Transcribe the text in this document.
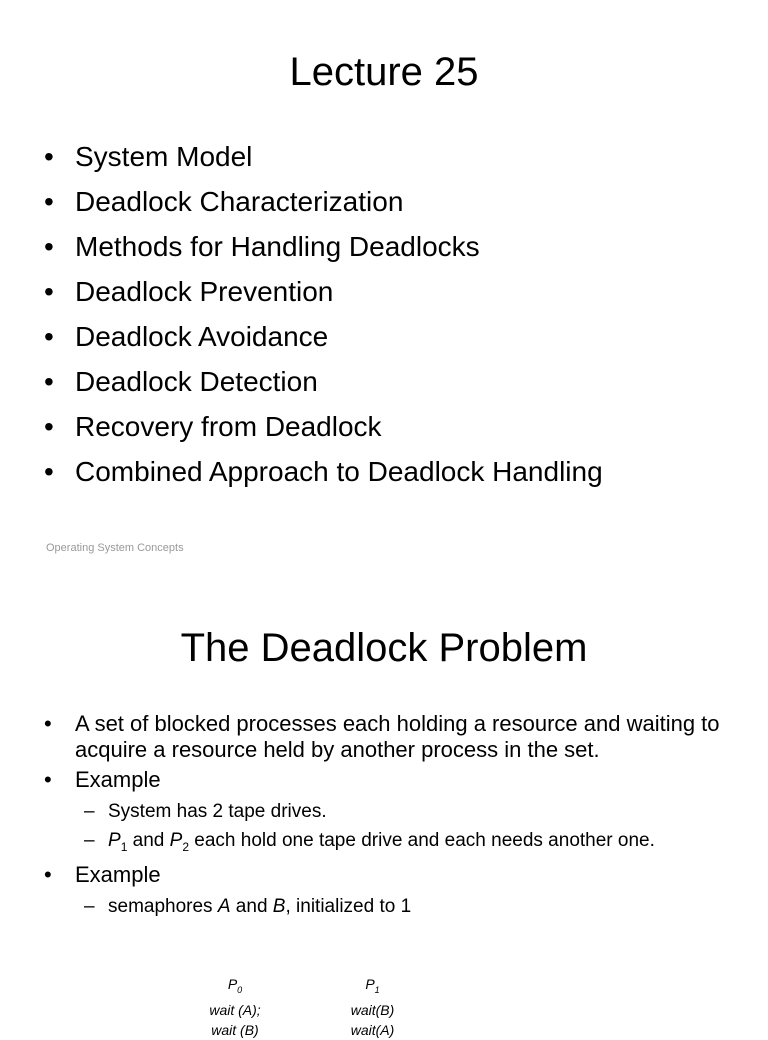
Lecture 25
• System Model
• Deadlock Characterization
• Methods for Handling Deadlocks
• Deadlock Prevention
• Deadlock Avoidance
• Deadlock Detection
• Recovery from Deadlock
• Combined Approach to Deadlock Handling
Operating System Concepts
The Deadlock Problem
• A set of blocked processes each holding a resource and waiting to acquire a resource held by another process in the set.
• Example
– System has 2 tape drives.
– $P_1$ and $P_2$ each hold one tape drive and each needs another one.
• Example
– semaphores A and B, initialized to 1
$P_0$
wait (A);
wait (B)
$P_1$
wait(B)
wait(A)
